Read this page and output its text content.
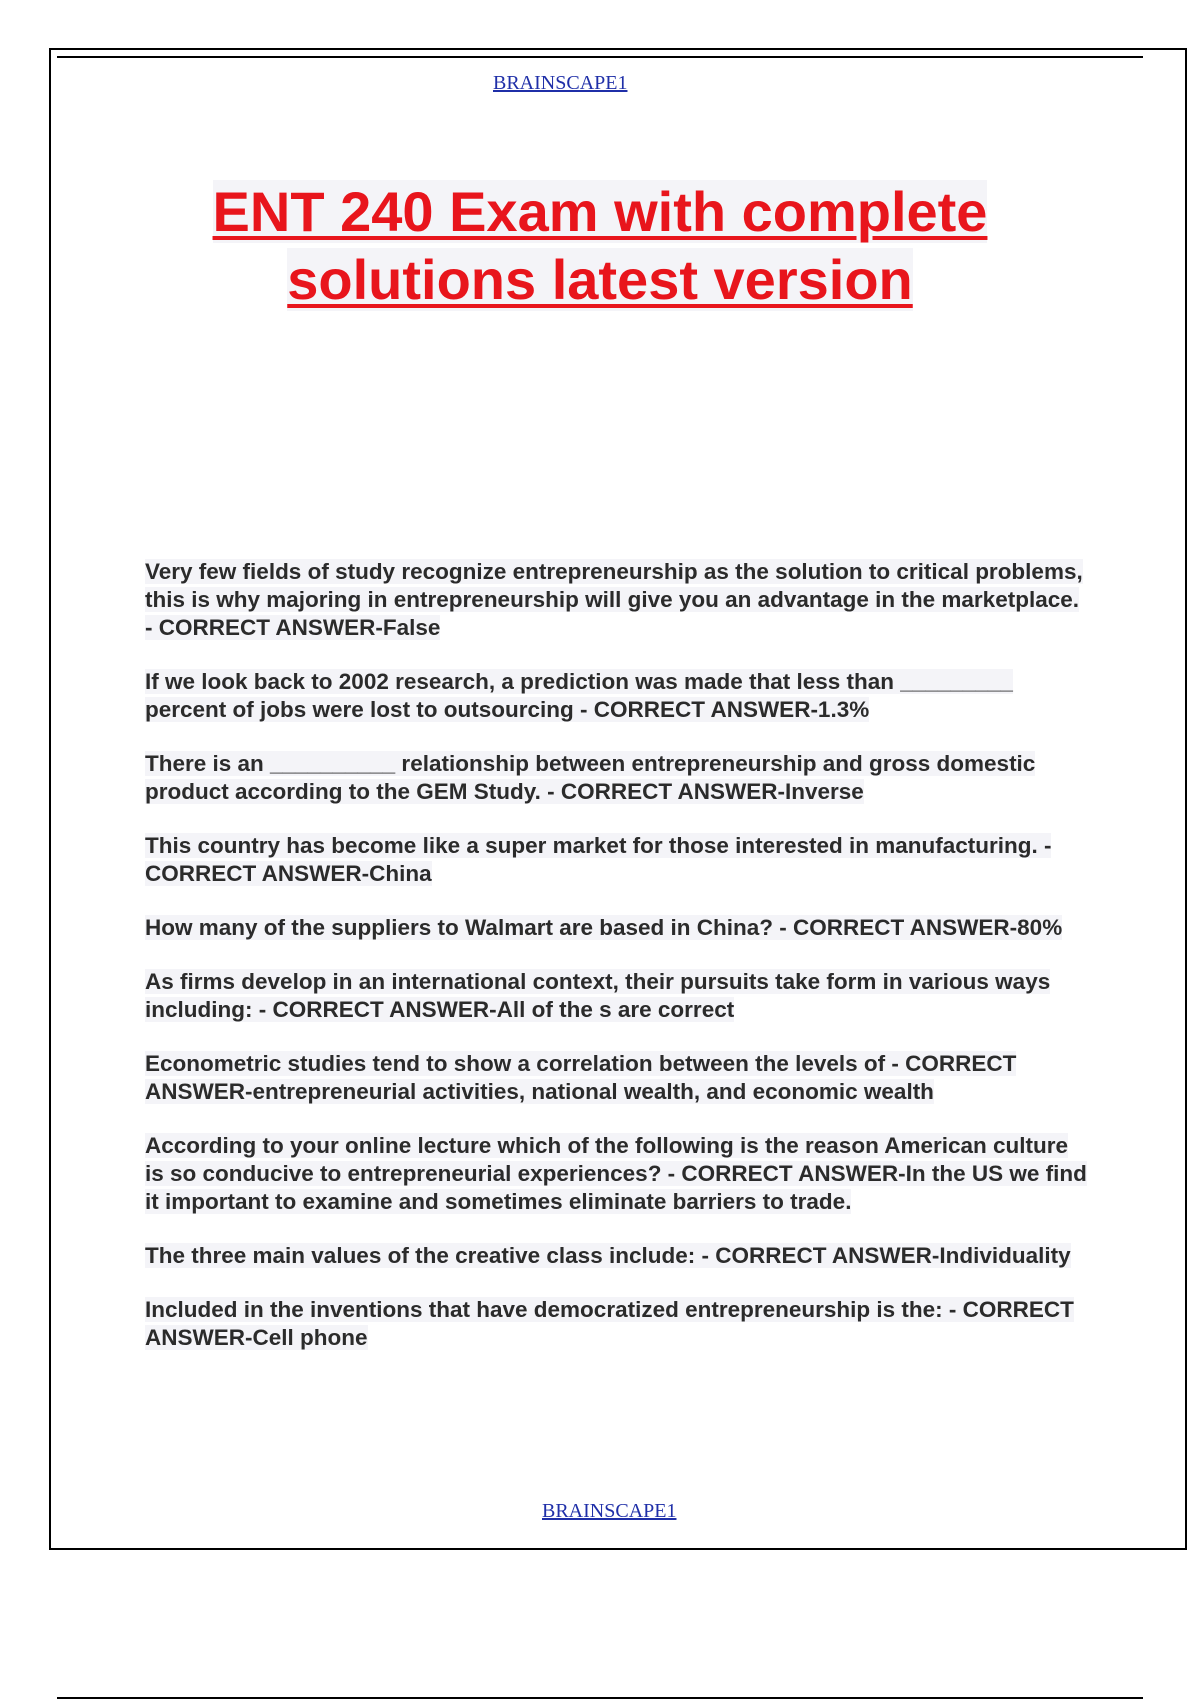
BRAINSCAPE1
ENT 240 Exam with complete
solutions latest version
Very few fields of study recognize entrepreneurship as the solution to critical problems, this is why majoring in entrepreneurship will give you an advantage in the marketplace. - CORRECT ANSWER-False
If we look back to 2002 research, a prediction was made that less than _________ percent of jobs were lost to outsourcing - CORRECT ANSWER-1.3%
There is an __________ relationship between entrepreneurship and gross domestic product according to the GEM Study. - CORRECT ANSWER-Inverse
This country has become like a super market for those interested in manufacturing. - CORRECT ANSWER-China
How many of the suppliers to Walmart are based in China? - CORRECT ANSWER-80%
As firms develop in an international context, their pursuits take form in various ways including: - CORRECT ANSWER-All of the s are correct
Econometric studies tend to show a correlation between the levels of - CORRECT ANSWER-entrepreneurial activities, national wealth, and economic wealth
According to your online lecture which of the following is the reason American culture is so conducive to entrepreneurial experiences? - CORRECT ANSWER-In the US we find it important to examine and sometimes eliminate barriers to trade.
The three main values of the creative class include: - CORRECT ANSWER-Individuality
Included in the inventions that have democratized entrepreneurship is the: - CORRECT ANSWER-Cell phone
BRAINSCAPE1
